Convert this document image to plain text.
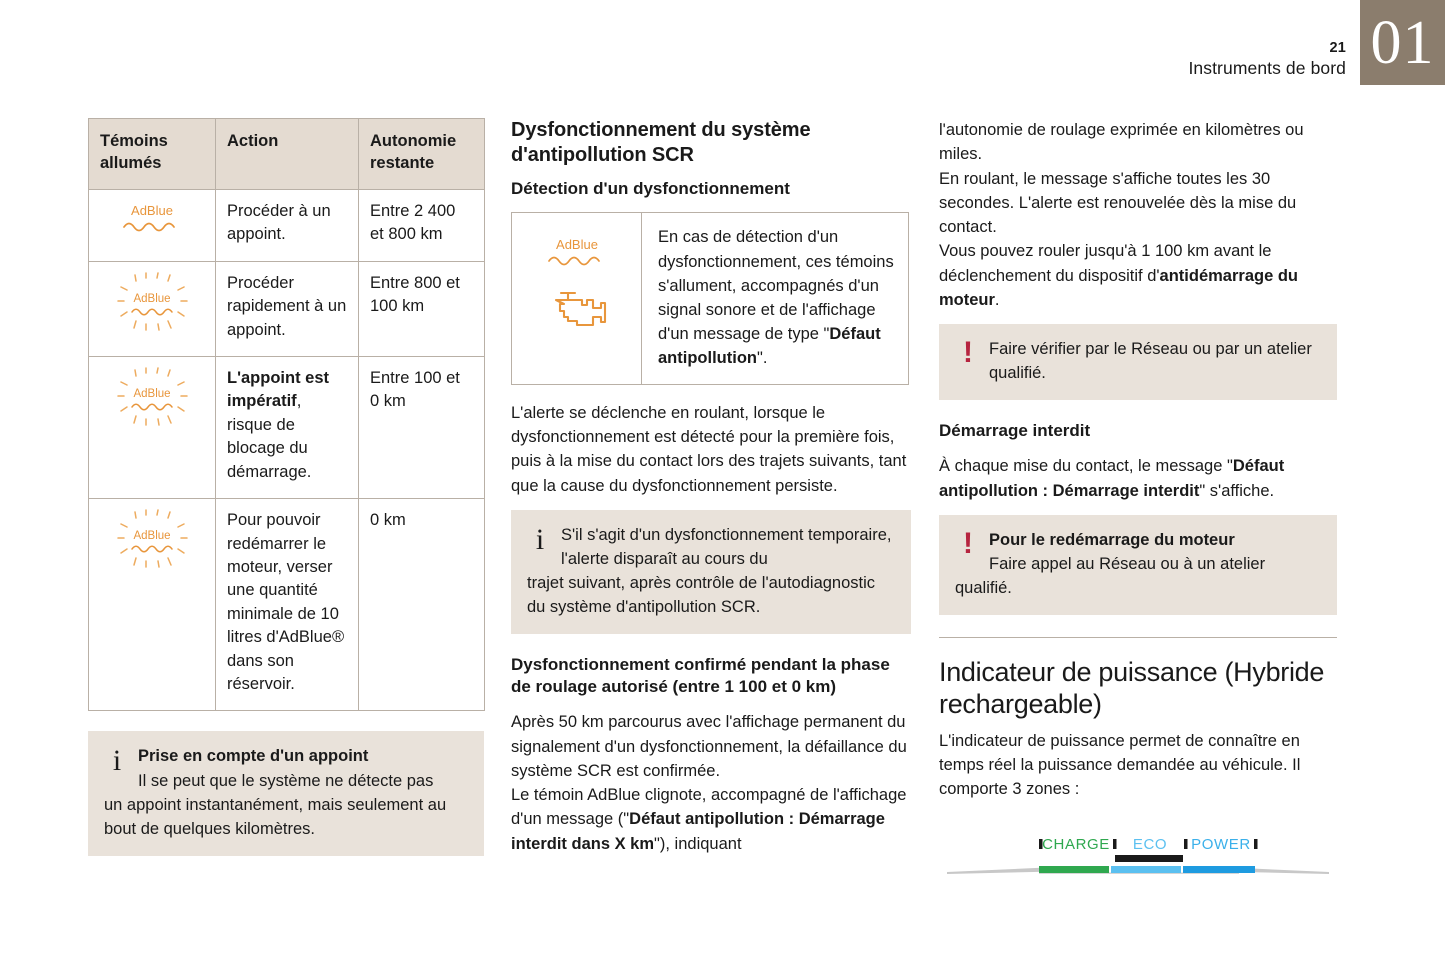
21
Instruments de bord 01
Témoins allumés	Action	Autonomie restante

AdBlue	Procéder à un appoint.	Entre 2 400 et 800 km

AdBlue	Procéder rapidement à un appoint.	Entre 800 et 100 km

AdBlue	L'appoint est impératif, risque de blocage du démarrage.	Entre 100 et 0 km

AdBlue	Pour pouvoir redémarrer le moteur, verser une quantité minimale de 10 litres d'AdBlue® dans son réservoir.	0 km
i	Prise en compte d'un appoint
Il se peut que le système ne détecte pas
un appoint instantanément, mais seulement au bout de quelques kilomètres.
Dysfonctionnement du système d'antipollution SCR
Détection d'un dysfonctionnement
AdBlue	En cas de détection d'un dysfonctionnement, ces témoins s'allument, accompagnés d'un signal sonore et de l'affichage d'un message de type "Défaut antipollution".

L'alerte se déclenche en roulant, lorsque le dysfonctionnement est détecté pour la première fois, puis à la mise du contact lors des trajets suivants, tant que la cause du dysfonctionnement persiste.

i	S'il s'agit d'un dysfonctionnement temporaire, l'alerte disparaît au cours du
trajet suivant, après contrôle de l'autodiagnostic du système d'antipollution SCR.
Dysfonctionnement confirmé pendant la phase de roulage autorisé (entre 1 100 et 0 km)

Après 50 km parcourus avec l'affichage permanent du signalement d'un dysfonctionnement, la défaillance du système SCR est confirmée.

Le témoin AdBlue clignote, accompagné de l'affichage d'un message ("Défaut antipollution : Démarrage interdit dans X km"), indiquant

l'autonomie de roulage exprimée en kilomètres ou miles.

En roulant, le message s'affiche toutes les 30 secondes. L'alerte est renouvelée dès la mise du contact.

Vous pouvez rouler jusqu'à 1 100 km avant le déclenchement du dispositif d'antidémarrage du moteur.

! Faire vérifier par le Réseau ou par un atelier qualifié.
Démarrage interdit

À chaque mise du contact, le message "Défaut antipollution : Démarrage interdit" s'affiche.

! Pour le redémarrage du moteur
Faire appel au Réseau ou à un atelier
qualifié.
Indicateur de puissance (Hybride rechargeable)

L'indicateur de puissance permet de connaître en temps réel la puissance demandée au véhicule. Il comporte 3 zones :

CHARGE ECO POWER
